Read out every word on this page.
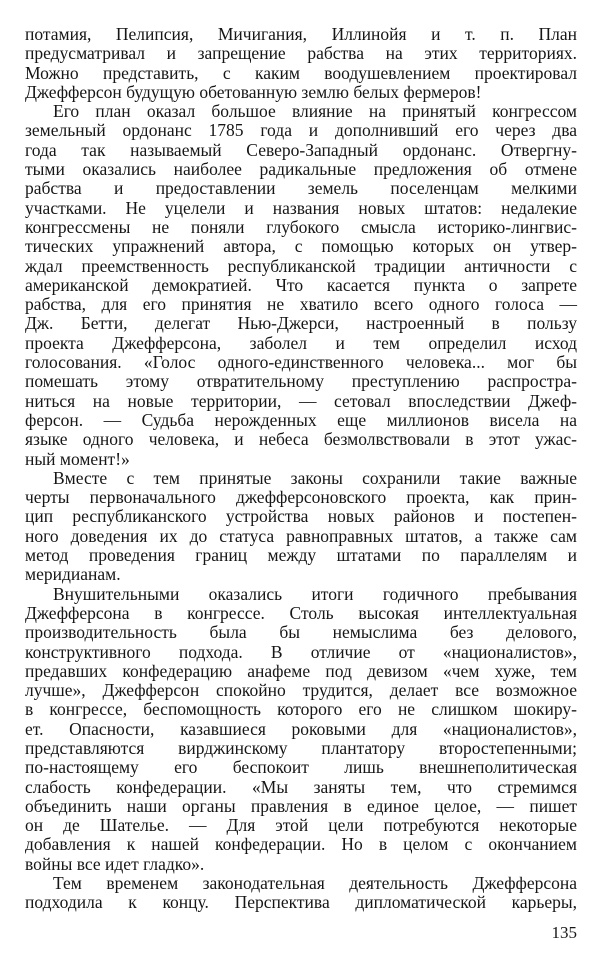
потамия, Пелипсия, Мичигания, Иллинойя и т. п. План
предусматривал и запрещение рабства на этих территориях.
Можно представить, с каким воодушевлением проектировал
Джефферсон будущую обетованную землю белых фермеров!
Его план оказал большое влияние на принятый конгрессом
земельный ордонанс 1785 года и дополнивший его через два
года так называемый Северо-Западный ордонанс. Отвергну-
тыми оказались наиболее радикальные предложения об отмене
рабства и предоставлении земель поселенцам мелкими
участками. Не уцелели и названия новых штатов: недалекие
конгрессмены не поняли глубокого смысла историко-лингвис-
тических упражнений автора, с помощью которых он утвер-
ждал преемственность республиканской традиции античности с
американской демократией. Что касается пункта о запрете
рабства, для его принятия не хватило всего одного голоса —
Дж. Бетти, делегат Нью-Джерси, настроенный в пользу
проекта Джефферсона, заболел и тем определил исход
голосования. «Голос одного-единственного человека... мог бы
помешать этому отвратительному преступлению распростра-
ниться на новые территории, — сетовал впоследствии Джеф-
ферсон. — Судьба нерожденных еще миллионов висела на
языке одного человека, и небеса безмолвствовали в этот ужас-
ный момент!»
Вместе с тем принятые законы сохранили такие важные
черты первоначального джефферсоновского проекта, как прин-
цип республиканского устройства новых районов и постепен-
ного доведения их до статуса равноправных штатов, а также сам
метод проведения границ между штатами по параллелям и
меридианам.
Внушительными оказались итоги годичного пребывания
Джефферсона в конгрессе. Столь высокая интеллектуальная
производительность была бы немыслима без делового,
конструктивного подхода. В отличие от «националистов»,
предавших конфедерацию анафеме под девизом «чем хуже, тем
лучше», Джефферсон спокойно трудится, делает все возможное
в конгрессе, беспомощность которого его не слишком шокиру-
ет. Опасности, казавшиеся роковыми для «националистов»,
представляются вирджинскому плантатору второстепенными;
по-настоящему его беспокоит лишь внешнеполитическая
слабость конфедерации. «Мы заняты тем, что стремимся
объединить наши органы правления в единое целое, — пишет
он де Шателье. — Для этой цели потребуются некоторые
добавления к нашей конфедерации. Но в целом с окончанием
войны все идет гладко».
Тем временем законодательная деятельность Джефферсона
подходила к концу. Перспектива дипломатической карьеры,
135
